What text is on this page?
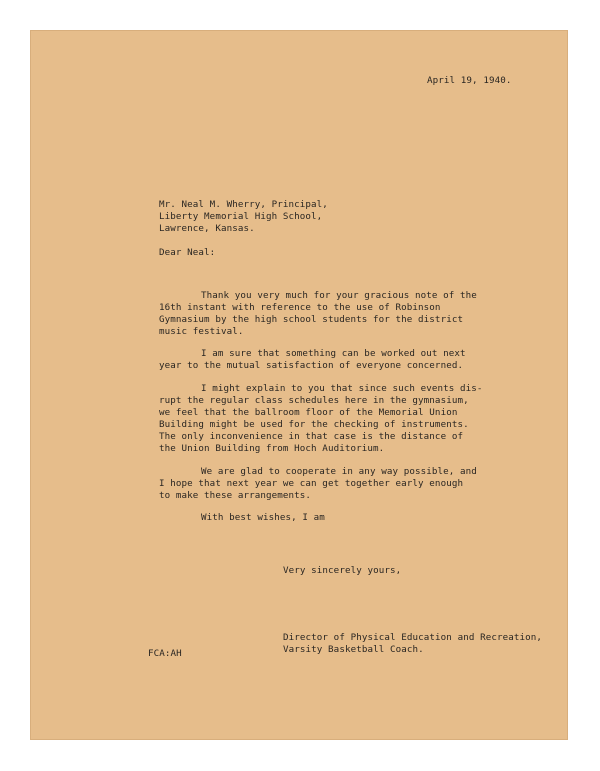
April 19, 1940.
Mr. Neal M. Wherry, Principal,
Liberty Memorial High School,
Lawrence, Kansas.
Dear Neal:
Thank you very much for your gracious note of the
16th instant with reference to the use of Robinson
Gymnasium by the high school students for the district
music festival.
I am sure that something can be worked out next
year to the mutual satisfaction of everyone concerned.
I might explain to you that since such events dis-
rupt the regular class schedules here in the gymnasium,
we feel that the ballroom floor of the Memorial Union
Building might be used for the checking of instruments.
The only inconvenience in that case is the distance of
the Union Building from Hoch Auditorium.
We are glad to cooperate in any way possible, and
I hope that next year we can get together early enough
to make these arrangements.
With best wishes, I am
Very sincerely yours,
FCA:AH
Director of Physical Education and Recreation,
Varsity Basketball Coach.
